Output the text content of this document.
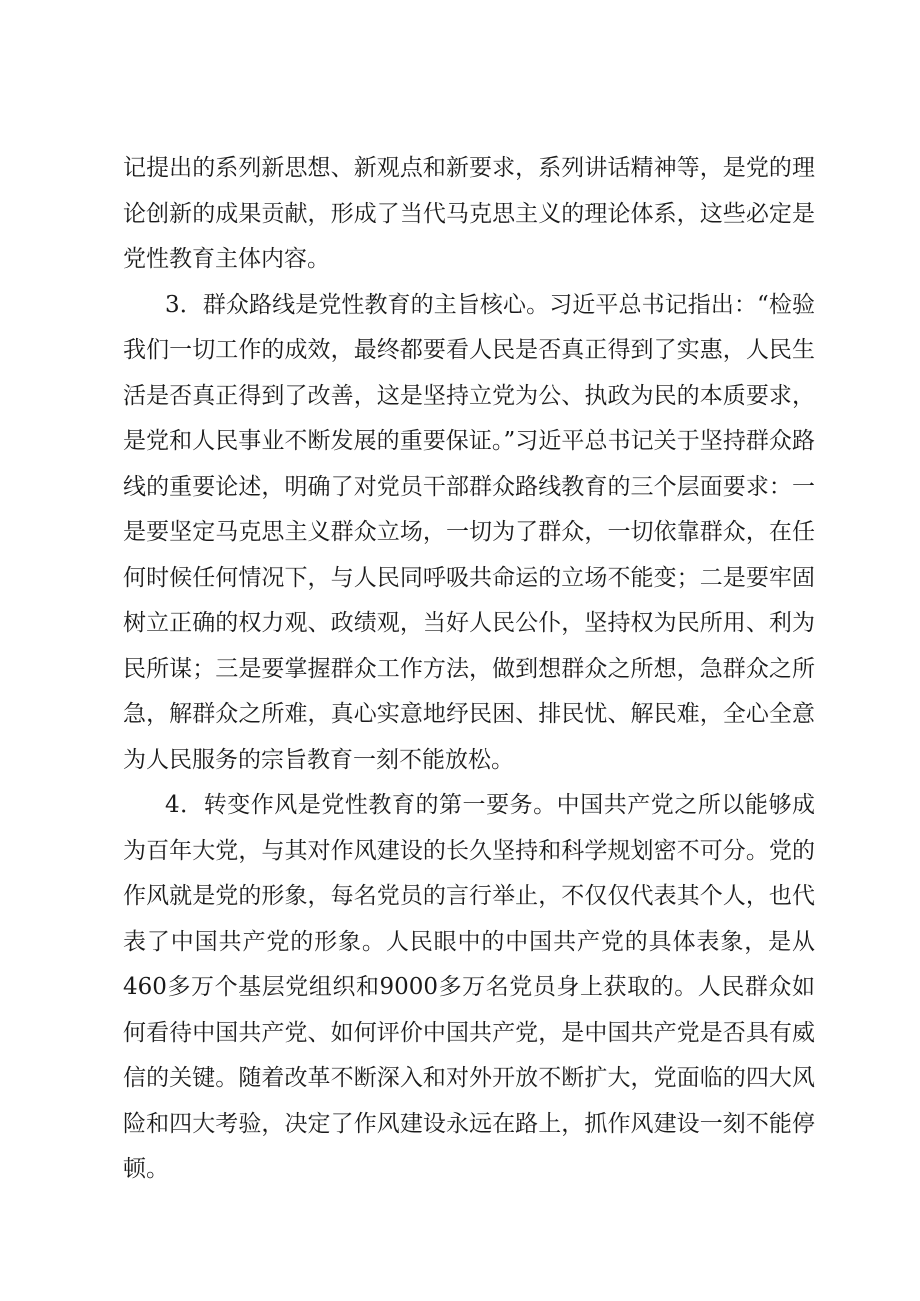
记提出的系列新思想、新观点和新要求，系列讲话精神等，是党的理论创新的成果贡献，形成了当代马克思主义的理论体系，这些必定是党性教育主体内容。

3．群众路线是党性教育的主旨核心。习近平总书记指出：“检验我们一切工作的成效，最终都要看人民是否真正得到了实惠，人民生活是否真正得到了改善，这是坚持立党为公、执政为民的本质要求，是党和人民事业不断发展的重要保证。”习近平总书记关于坚持群众路线的重要论述，明确了对党员干部群众路线教育的三个层面要求：一是要坚定马克思主义群众立场，一切为了群众，一切依靠群众，在任何时候任何情况下，与人民同呼吸共命运的立场不能变；二是要牢固树立正确的权力观、政绩观，当好人民公仆，坚持权为民所用、利为民所谋；三是要掌握群众工作方法，做到想群众之所想，急群众之所急，解群众之所难，真心实意地纾民困、排民忧、解民难，全心全意为人民服务的宗旨教育一刻不能放松。

4．转变作风是党性教育的第一要务。中国共产党之所以能够成为百年大党，与其对作风建设的长久坚持和科学规划密不可分。党的作风就是党的形象，每名党员的言行举止，不仅仅代表其个人，也代表了中国共产党的形象。人民眼中的中国共产党的具体表象，是从460多万个基层党组织和9000多万名党员身上获取的。人民群众如何看待中国共产党、如何评价中国共产党，是中国共产党是否具有威信的关键。随着改革不断深入和对外开放不断扩大，党面临的四大风险和四大考验，决定了作风建设永远在路上，抓作风建设一刻不能停顿。
